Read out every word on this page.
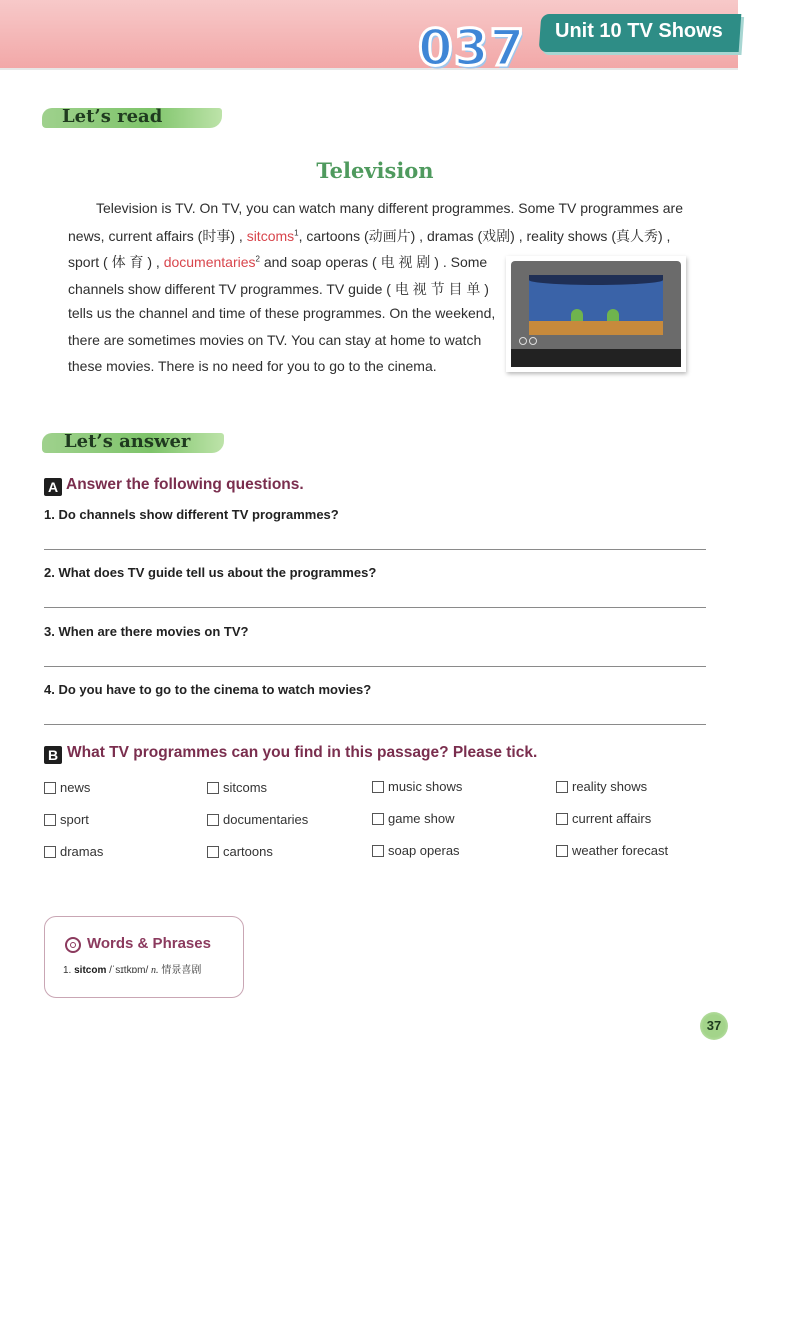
037 Unit 10 TV Shows
Let’s read
Television
Television is TV. On TV, you can watch many different programmes. Some TV programmes are
news, current affairs (时事) , sitcoms$^1$, cartoons (动画片) , dramas (戏剧) , reality shows (真人秀) ,
sport ( 体 育 ) , documentaries$^2$ and soap operas ( 电 视 剧 ) . Some
channels show different TV programmes. TV guide ( 电 视 节 目 单 )
tells us the channel and time of these programmes. On the weekend,
there are sometimes movies on TV. You can stay at home to watch
these movies. There is no need for you to go to the cinema.
Let’s answer
A Answer the following questions.
1. Do channels show different TV programmes?
2. What does TV guide tell us about the programmes?
3. When are there movies on TV?
4. Do you have to go to the cinema to watch movies?
B What TV programmes can you find in this passage? Please tick.
news	sitcoms	music shows	reality shows
sport	documentaries	game show	current affairs
dramas	cartoons	soap operas	weather forecast
Words & Phrases
1. sitcom /ˈsɪtkɒm/ n. 情景喜剧
37
